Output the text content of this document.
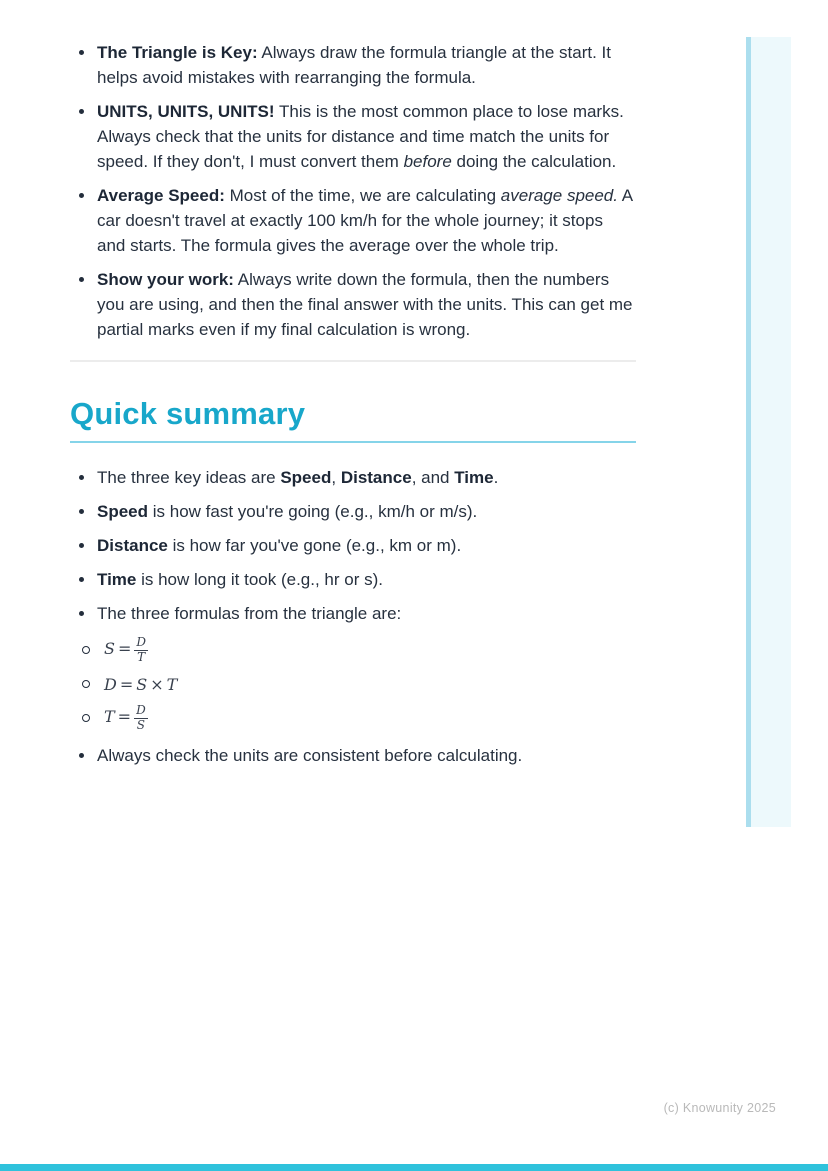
The Triangle is Key: Always draw the formula triangle at the start. It helps avoid mistakes with rearranging the formula.

UNITS, UNITS, UNITS! This is the most common place to lose marks. Always check that the units for distance and time match the units for speed. If they don't, I must convert them before doing the calculation.

Average Speed: Most of the time, we are calculating average speed. A car doesn't travel at exactly 100 km/h for the whole journey; it stops and starts. The formula gives the average over the whole trip.

Show your work: Always write down the formula, then the numbers you are using, and then the final answer with the units. This can get me partial marks even if my final calculation is wrong.

Quick summary

The three key ideas are Speed, Distance, and Time.

Speed is how fast you're going (e.g., km/h or m/s).

Distance is how far you've gone (e.g., km or m).

Time is how long it took (e.g., hr or s).

The three formulas from the triangle are:

$S = \frac{D}{T}$
D = S × T
$T = \frac{D}{S}$

Always check the units are consistent before calculating.

(c) Knowunity 2025
